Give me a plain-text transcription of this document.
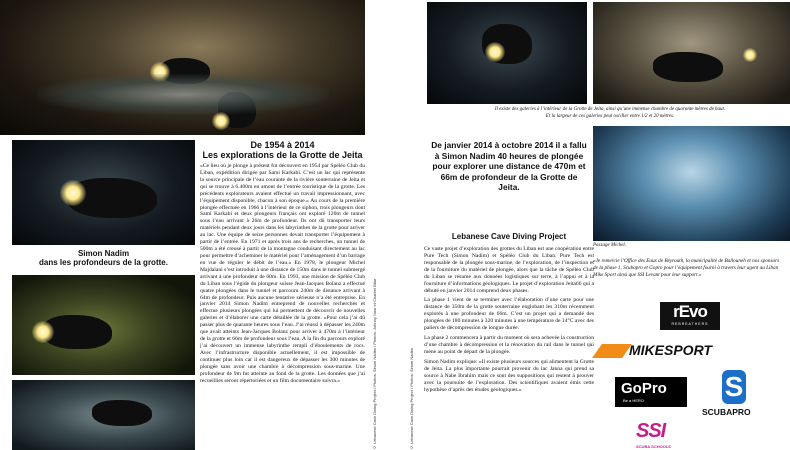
Simon Nadim
dans les profondeurs de la grotte.
De 1954 à 2014
Les explorations de la Grotte de Jeita

«Ce lieu où je plonge à présent fut découvert en 1954 par Spéléo Club du Liban, expédition dirigée par Sami Karkabi. C’est un lac qui représente la source principale de l’eau courante de la rivière souterraine de Jeita et qui se trouve à 6.400m en amont de l’entrée touristique de la grotte. Les précédents explorateurs avaient effectué un travail impressionnant, avec l’équipement disponible, chacun à son époque.» Au cours de la première plongée effectuée en 1966 à l’intérieur de ce siphon, trois plongeurs dont Sami Karkabi et deux plongeurs français ont exploré 120m de tunnel sous l’eau arrivant à 26m de profondeur. Ils ont dû transporter leurs matériels pendant deux jours dans les labyrinthes de la grotte pour arriver au lac. Une équipe de seize personnes devait transporter l’équipement à partir de l’entrée. En 1971 et après trois ans de recherches, un tunnel de 500m a été creusé à partir de la montagne conduisant directement au lac pour permettre d’acheminer le matériel pour l’aménagement d’un barrage en vue de réguler le débit de l’eau.» En 1978, le plongeur Michel Majdalani s’est introduit à une distance de 150m dans le tunnel submergé arrivant à une profondeur de 60m. En 1993, une mission de Spéléo Club du Liban sous l’égide du plongeur suisse Jean-Jacques Bolanz a effectué quatre plongées dans le tunnel et parcouru 240m de distance arrivant à 64m de profondeur. Puis aucune tentative sérieuse n’a été entreprise. En janvier 2014 Simon Nadim entreprend de nouvelles recherches et effectue plusieurs plongées qui lui permettent de découvrir de nouvelles galeries et d’élaborer une carte détaillée de la grotte. «Pour cela j’ai dû passer plus de quarante heures sous l’eau. J’ai réussi à dépasser les 240m que avait atteints Jean-Jacques Bolanz pour arriver à 470m à l’intérieur de la grotte et 66m de profondeur sous l’eau. A la fin du parcours exploré j’ai découvert un immense labyrinthe rempli d’éboulements de rocs. Avec l’infrastructure disponible actuellement, il est impossible de continuer plus loin car il est dangereux de dépasser les 300 minutes de plongée sans avoir une chambre à décompression sous-marine. Une profondeur de 9m fut atteinte au fond de la grotte. Les données que j’ai recueillies seront répertoriées et un film documentaire suivra.»	© Lebanese Cave Diving Project / Photos: Simon Nadim / Photos: Johnny Nasr et Charbel Bitar
Il existe des galeries à l’intérieur de la Grotte de Jeita, ainsi qu’une immense chambre de quarante mètres de haut.
Et la largeur de ces galeries peut osciller entre 1/2 et 20 mètres.
De janvier 2014 à octobre 2014 il a fallu à Simon Nadim 40 heures de plongée pour explorer une distance de 470m et 66m de profondeur de la Grotte de Jeita.
Lebanese Cave Diving Project

Ce vaste projet d’exploration des grottes du Liban est une coopération entre Pure Tech (Simon Nadim) et Spéléo Club du Liban. Pure Tech est responsable de la plongée sous-marine, de l’exploration, de l’inspection et de la fourniture du matériel de plongée, alors que la tâche de Spéléo Club du Liban se résume aux données logistiques sur terre, à l’appui et à la fourniture d’informations géologiques. Le projet d’exploration Jeita66 qui a débuté en janvier 2014 comprend deux phases.

La phase 1 vient de se terminer avec l’élaboration d’une carte pour une distance de 350m de la grotte souterraine englobant les 310m récemment explorés à une profondeur de 66m. C’est un projet qui a demandé des plongées de 180 minutes à 320 minutes à une température de 14°C avec des paliers de décompression de longue durée.

La phase 2 commencera à partir du moment où sera achevée la construction d’une chambre à décompression et la rénovation du rail dans le tunnel qui mène au point de départ de la plongée.

Simon Nadim explique: «Il existe plusieurs sources qui alimentent la Grotte de Jeita. La plus importante pourrait provenir du lac Janna qui prend sa source à Nabe Ibrahim mais ce sont des suppositions qui restent à prouver avec la poursuite de l’exploration. Des scientifiques avaient émis cette hypothèse d’après des études géologiques.»

© Lebanese Cave Diving Project / Photos: Simon Nadim
Passage Michel.
«Je remercie l’Office des Eaux de Beyrouth, la municipalité de Ballouneh et nos sponsors de la phase 1, Scubapro et Gopro pour l’équipement fourni à travers leur agent au Liban Mike Sport ainsi que SSI Levant pour leur support.»
rEvo
REBREATHERS
MIKESPORT
GoPro
Be a HERO	S
SCUBAPRO
SSI
SCUBA SCHOOLS
